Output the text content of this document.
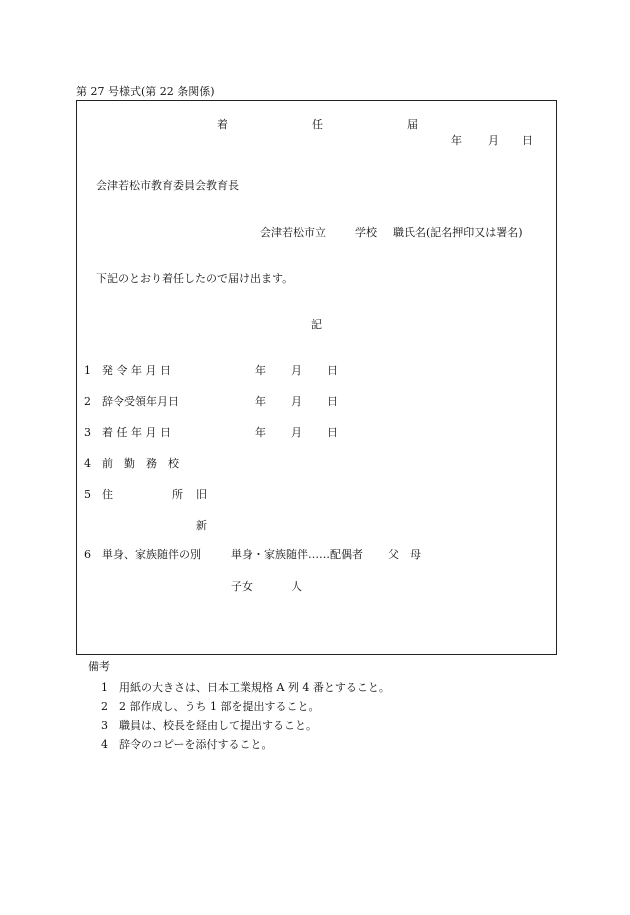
第 27 号様式(第 22 条関係)
着	任	届
年 月 日
会津若松市教育委員会教育長
会津若松市立	学校 職氏名(記名押印又は署名)
下記のとおり着任したので届け出ます。
記
1 発 令 年 月 日	年 月 日
2 辞令受領年月日	年 月 日
3 着 任 年 月 日	年 月 日
4 前　勤　務　校
5 住	所 旧
新
6 単身、家族随伴の別	単身・家族随伴……配偶者 父 母
子女	人
備考
1 用紙の大きさは、日本工業規格 A 列 4 番とすること。
2 2 部作成し、うち 1 部を提出すること。
3 職員は、校長を経由して提出すること。
4 辞令のコピーを添付すること。
